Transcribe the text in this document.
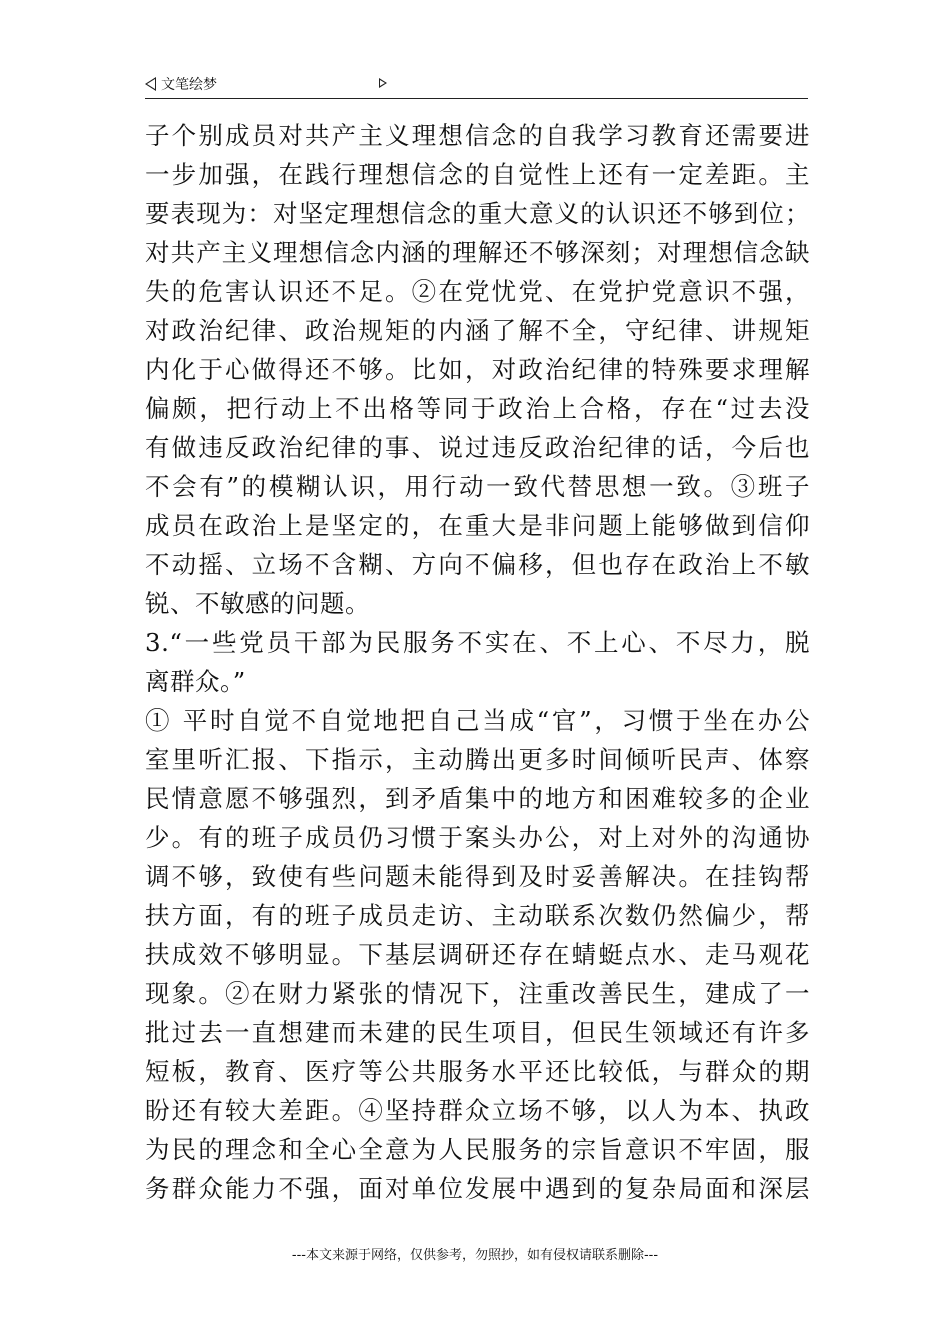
文笔绘梦
子个别成员对共产主义理想信念的自我学习教育还需要进
一步加强，在践行理想信念的自觉性上还有一定差距。主
要表现为：对坚定理想信念的重大意义的认识还不够到位；
对共产主义理想信念内涵的理解还不够深刻；对理想信念缺
失的危害认识还不足。②在党忧党、在党护党意识不强，
对政治纪律、政治规矩的内涵了解不全，守纪律、讲规矩
内化于心做得还不够。比如，对政治纪律的特殊要求理解
偏颇，把行动上不出格等同于政治上合格，存在“过去没
有做违反政治纪律的事、说过违反政治纪律的话，今后也
不会有”的模糊认识，用行动一致代替思想一致。③班子
成员在政治上是坚定的，在重大是非问题上能够做到信仰
不动摇、立场不含糊、方向不偏移，但也存在政治上不敏
锐、不敏感的问题。
3.“一些党员干部为民服务不实在、不上心、不尽力，脱
离群众。”
① 平时自觉不自觉地把自己当成“官”，习惯于坐在办公
室里听汇报、下指示，主动腾出更多时间倾听民声、体察
民情意愿不够强烈，到矛盾集中的地方和困难较多的企业
少。有的班子成员仍习惯于案头办公，对上对外的沟通协
调不够，致使有些问题未能得到及时妥善解决。在挂钩帮
扶方面，有的班子成员走访、主动联系次数仍然偏少，帮
扶成效不够明显。下基层调研还存在蜻蜓点水、走马观花
现象。②在财力紧张的情况下，注重改善民生，建成了一
批过去一直想建而未建的民生项目，但民生领域还有许多
短板，教育、医疗等公共服务水平还比较低，与群众的期
盼还有较大差距。④坚持群众立场不够，以人为本、执政
为民的理念和全心全意为人民服务的宗旨意识不牢固，服
务群众能力不强，面对单位发展中遇到的复杂局面和深层
---本文来源于网络，仅供参考，勿照抄，如有侵权请联系删除---
